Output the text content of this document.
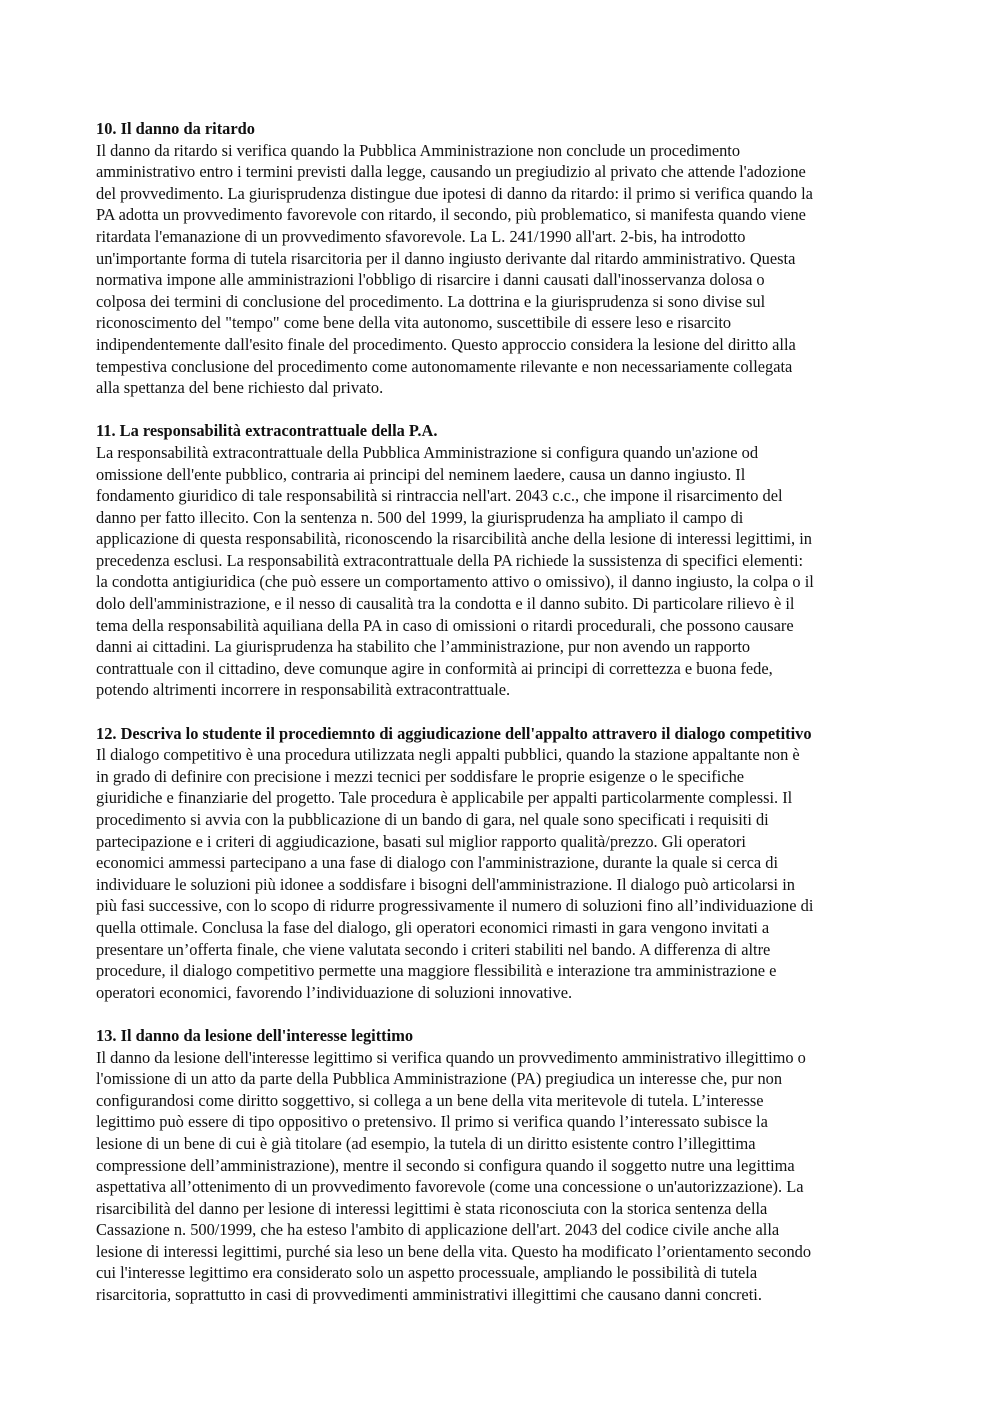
10. Il danno da ritardo

Il danno da ritardo si verifica quando la Pubblica Amministrazione non conclude un procedimento
amministrativo entro i termini previsti dalla legge, causando un pregiudizio al privato che attende l'adozione
del provvedimento. La giurisprudenza distingue due ipotesi di danno da ritardo: il primo si verifica quando la
PA adotta un provvedimento favorevole con ritardo, il secondo, più problematico, si manifesta quando viene
ritardata l'emanazione di un provvedimento sfavorevole. La L. 241/1990 all'art. 2-bis, ha introdotto
un'importante forma di tutela risarcitoria per il danno ingiusto derivante dal ritardo amministrativo. Questa
normativa impone alle amministrazioni l'obbligo di risarcire i danni causati dall'inosservanza dolosa o
colposa dei termini di conclusione del procedimento. La dottrina e la giurisprudenza si sono divise sul
riconoscimento del "tempo" come bene della vita autonomo, suscettibile di essere leso e risarcito
indipendentemente dall'esito finale del procedimento. Questo approccio considera la lesione del diritto alla
tempestiva conclusione del procedimento come autonomamente rilevante e non necessariamente collegata
alla spettanza del bene richiesto dal privato.

11. La responsabilità extracontrattuale della P.A.

La responsabilità extracontrattuale della Pubblica Amministrazione si configura quando un'azione od
omissione dell'ente pubblico, contraria ai principi del neminem laedere, causa un danno ingiusto. Il
fondamento giuridico di tale responsabilità si rintraccia nell'art. 2043 c.c., che impone il risarcimento del
danno per fatto illecito. Con la sentenza n. 500 del 1999, la giurisprudenza ha ampliato il campo di
applicazione di questa responsabilità, riconoscendo la risarcibilità anche della lesione di interessi legittimi, in
precedenza esclusi. La responsabilità extracontrattuale della PA richiede la sussistenza di specifici elementi:
la condotta antigiuridica (che può essere un comportamento attivo o omissivo), il danno ingiusto, la colpa o il
dolo dell'amministrazione, e il nesso di causalità tra la condotta e il danno subito. Di particolare rilievo è il
tema della responsabilità aquiliana della PA in caso di omissioni o ritardi procedurali, che possono causare
danni ai cittadini. La giurisprudenza ha stabilito che l’amministrazione, pur non avendo un rapporto
contrattuale con il cittadino, deve comunque agire in conformità ai principi di correttezza e buona fede,
potendo altrimenti incorrere in responsabilità extracontrattuale.

12. Descriva lo studente il procediemnto di aggiudicazione dell'appalto attravero il dialogo competitivo

Il dialogo competitivo è una procedura utilizzata negli appalti pubblici, quando la stazione appaltante non è
in grado di definire con precisione i mezzi tecnici per soddisfare le proprie esigenze o le specifiche
giuridiche e finanziarie del progetto. Tale procedura è applicabile per appalti particolarmente complessi. Il
procedimento si avvia con la pubblicazione di un bando di gara, nel quale sono specificati i requisiti di
partecipazione e i criteri di aggiudicazione, basati sul miglior rapporto qualità/prezzo. Gli operatori
economici ammessi partecipano a una fase di dialogo con l'amministrazione, durante la quale si cerca di
individuare le soluzioni più idonee a soddisfare i bisogni dell'amministrazione. Il dialogo può articolarsi in
più fasi successive, con lo scopo di ridurre progressivamente il numero di soluzioni fino all’individuazione di
quella ottimale. Conclusa la fase del dialogo, gli operatori economici rimasti in gara vengono invitati a
presentare un’offerta finale, che viene valutata secondo i criteri stabiliti nel bando. A differenza di altre
procedure, il dialogo competitivo permette una maggiore flessibilità e interazione tra amministrazione e
operatori economici, favorendo l’individuazione di soluzioni innovative.

13. Il danno da lesione dell'interesse legittimo

Il danno da lesione dell'interesse legittimo si verifica quando un provvedimento amministrativo illegittimo o
l'omissione di un atto da parte della Pubblica Amministrazione (PA) pregiudica un interesse che, pur non
configurandosi come diritto soggettivo, si collega a un bene della vita meritevole di tutela. L’interesse
legittimo può essere di tipo oppositivo o pretensivo. Il primo si verifica quando l’interessato subisce la
lesione di un bene di cui è già titolare (ad esempio, la tutela di un diritto esistente contro l’illegittima
compressione dell’amministrazione), mentre il secondo si configura quando il soggetto nutre una legittima
aspettativa all’ottenimento di un provvedimento favorevole (come una concessione o un'autorizzazione). La
risarcibilità del danno per lesione di interessi legittimi è stata riconosciuta con la storica sentenza della
Cassazione n. 500/1999, che ha esteso l'ambito di applicazione dell'art. 2043 del codice civile anche alla
lesione di interessi legittimi, purché sia leso un bene della vita. Questo ha modificato l’orientamento secondo
cui l'interesse legittimo era considerato solo un aspetto processuale, ampliando le possibilità di tutela
risarcitoria, soprattutto in casi di provvedimenti amministrativi illegittimi che causano danni concreti.
